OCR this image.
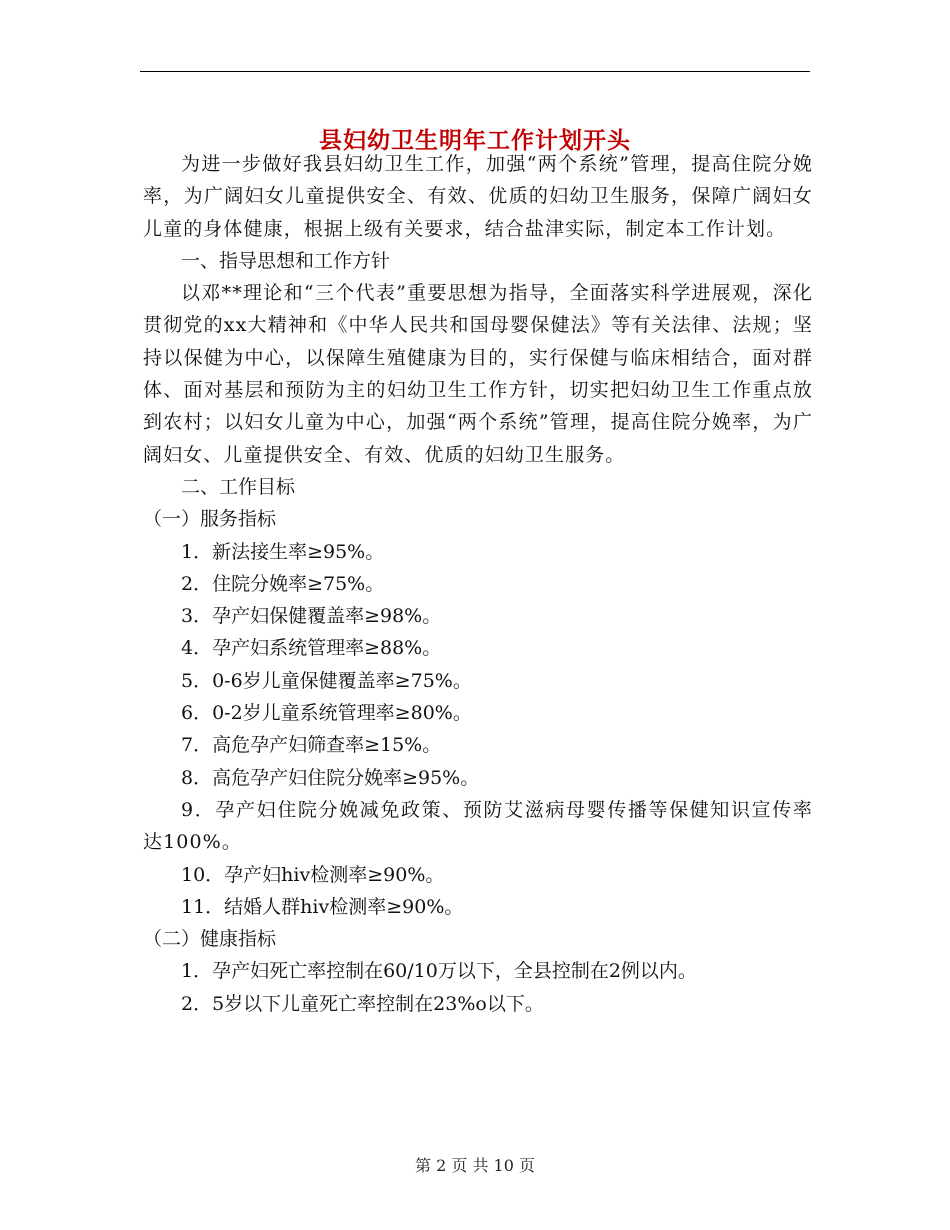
县妇幼卫生明年工作计划开头

为进一步做好我县妇幼卫生工作，加强“两个系统”管理，提高住院分娩率，为广阔妇女儿童提供安全、有效、优质的妇幼卫生服务，保障广阔妇女儿童的身体健康，根据上级有关要求，结合盐津实际，制定本工作计划。

一、指导思想和工作方针

以邓**理论和“三个代表”重要思想为指导，全面落实科学进展观，深化贯彻党的xx大精神和《中华人民共和国母婴保健法》等有关法律、法规；坚持以保健为中心，以保障生殖健康为目的，实行保健与临床相结合，面对群体、面对基层和预防为主的妇幼卫生工作方针，切实把妇幼卫生工作重点放到农村；以妇女儿童为中心，加强“两个系统”管理，提高住院分娩率，为广阔妇女、儿童提供安全、有效、优质的妇幼卫生服务。

二、工作目标

（一）服务指标

1．新法接生率≥95%。

2．住院分娩率≥75%。

3．孕产妇保健覆盖率≥98%。

4．孕产妇系统管理率≥88%。

5．0-6岁儿童保健覆盖率≥75%。

6．0-2岁儿童系统管理率≥80%。

7．高危孕产妇筛查率≥15%。

8．高危孕产妇住院分娩率≥95%。

9．孕产妇住院分娩减免政策、预防艾滋病母婴传播等保健知识宣传率达100%。

10．孕产妇hiv检测率≥90%。

11．结婚人群hiv检测率≥90%。

（二）健康指标

1．孕产妇死亡率控制在60/10万以下，全县控制在2例以内。

2．5岁以下儿童死亡率控制在23%o以下。

第 2 页 共 10 页
